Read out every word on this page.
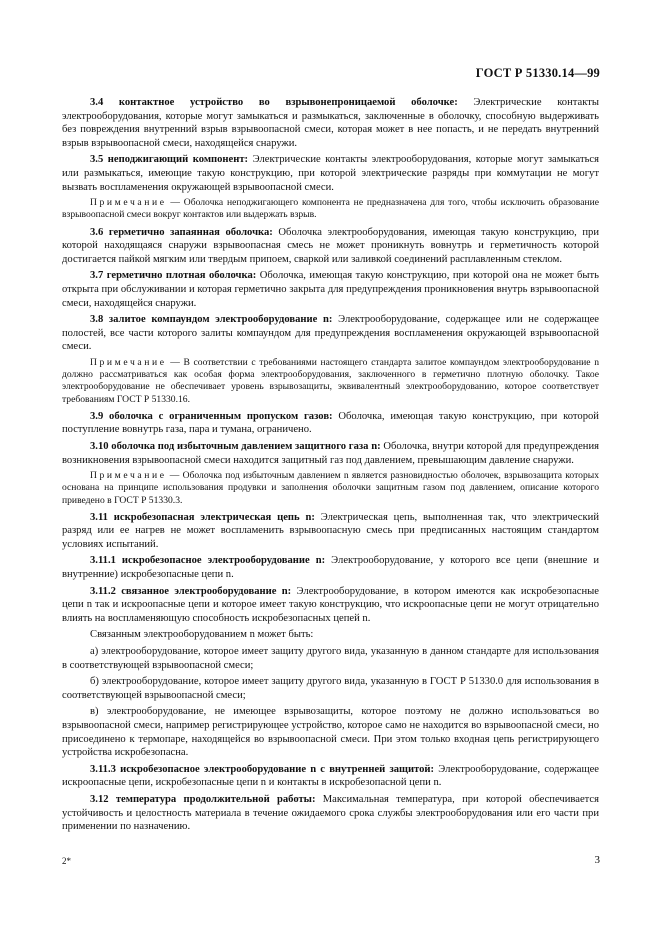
ГОСТ Р 51330.14—99

3.4 контактное устройство во взрывонепроницаемой оболочке: Электрические контакты электрооборудования, которые могут замыкаться и размыкаться, заключенные в оболочку, способную выдерживать без повреждения внутренний взрыв взрывоопасной смеси, которая может в нее попасть, и не передать внутренний взрыв взрывоопасной смеси, находящейся снаружи.

3.5 неподжигающий компонент: Электрические контакты электрооборудования, которые могут замыкаться или размыкаться, имеющие такую конструкцию, при которой электрические разряды при коммутации не могут вызвать воспламенения окружающей взрывоопасной смеси.

Примечание — Оболочка неподжигающего компонента не предназначена для того, чтобы исключить образование взрывоопасной смеси вокруг контактов или выдержать взрыв.

3.6 герметично запаянная оболочка: Оболочка электрооборудования, имеющая такую конструкцию, при которой находящаяся снаружи взрывоопасная смесь не может проникнуть вовнутрь и герметичность которой достигается пайкой мягким или твердым припоем, сваркой или заливкой соединений расплавленным стеклом.

3.7 герметично плотная оболочка: Оболочка, имеющая такую конструкцию, при которой она не может быть открыта при обслуживании и которая герметично закрыта для предупреждения проникновения внутрь взрывоопасной смеси, находящейся снаружи.

3.8 залитое компаундом электрооборудование n: Электрооборудование, содержащее или не содержащее полостей, все части которого залиты компаундом для предупреждения воспламенения окружающей взрывоопасной смеси.

Примечание — В соответствии с требованиями настоящего стандарта залитое компаундом электрооборудование n должно рассматриваться как особая форма электрооборудования, заключенного в герметично плотную оболочку. Такое электрооборудование не обеспечивает уровень взрывозащиты, эквивалентный электрооборудованию, которое соответствует требованиям ГОСТ Р 51330.16.

3.9 оболочка с ограниченным пропуском газов: Оболочка, имеющая такую конструкцию, при которой поступление вовнутрь газа, пара и тумана, ограничено.

3.10 оболочка под избыточным давлением защитного газа n: Оболочка, внутри которой для предупреждения возникновения взрывоопасной смеси находится защитный газ под давлением, превышающим давление снаружи.

Примечание — Оболочка под избыточным давлением n является разновидностью оболочек, взрывозащита которых основана на принципе использования продувки и заполнения оболочки защитным газом под давлением, описание которого приведено в ГОСТ Р 51330.3.

3.11 искробезопасная электрическая цепь n: Электрическая цепь, выполненная так, что электрический разряд или ее нагрев не может воспламенить взрывоопасную смесь при предписанных настоящим стандартом условиях испытаний.

3.11.1 искробезопасное электрооборудование n: Электрооборудование, у которого все цепи (внешние и внутренние) искробезопасные цепи n.

3.11.2 связанное электрооборудование n: Электрооборудование, в котором имеются как искробезопасные цепи n так и искроопасные цепи и которое имеет такую конструкцию, что искроопасные цепи не могут отрицательно влиять на воспламеняющую способность искробезопасных цепей n.

Связанным электрооборудованием n может быть:

а) электрооборудование, которое имеет защиту другого вида, указанную в данном стандарте для использования в соответствующей взрывоопасной смеси;

б) электрооборудование, которое имеет защиту другого вида, указанную в ГОСТ Р 51330.0 для использования в соответствующей взрывоопасной смеси;

в) электрооборудование, не имеющее взрывозащиты, которое поэтому не должно использоваться во взрывоопасной смеси, например регистрирующее устройство, которое само не находится во взрывоопасной смеси, но присоединено к термопаре, находящейся во взрывоопасной смеси. При этом только входная цепь регистрирующего устройства искробезопасна.

3.11.3 искробезопасное электрооборудование n с внутренней защитой: Электрооборудование, содержащее искроопасные цепи, искробезопасные цепи n и контакты в искробезопасной цепи n.

3.12 температура продолжительной работы: Максимальная температура, при которой обеспечивается устойчивость и целостность материала в течение ожидаемого срока службы электрооборудования или его части при применении по назначению.

2*	3
